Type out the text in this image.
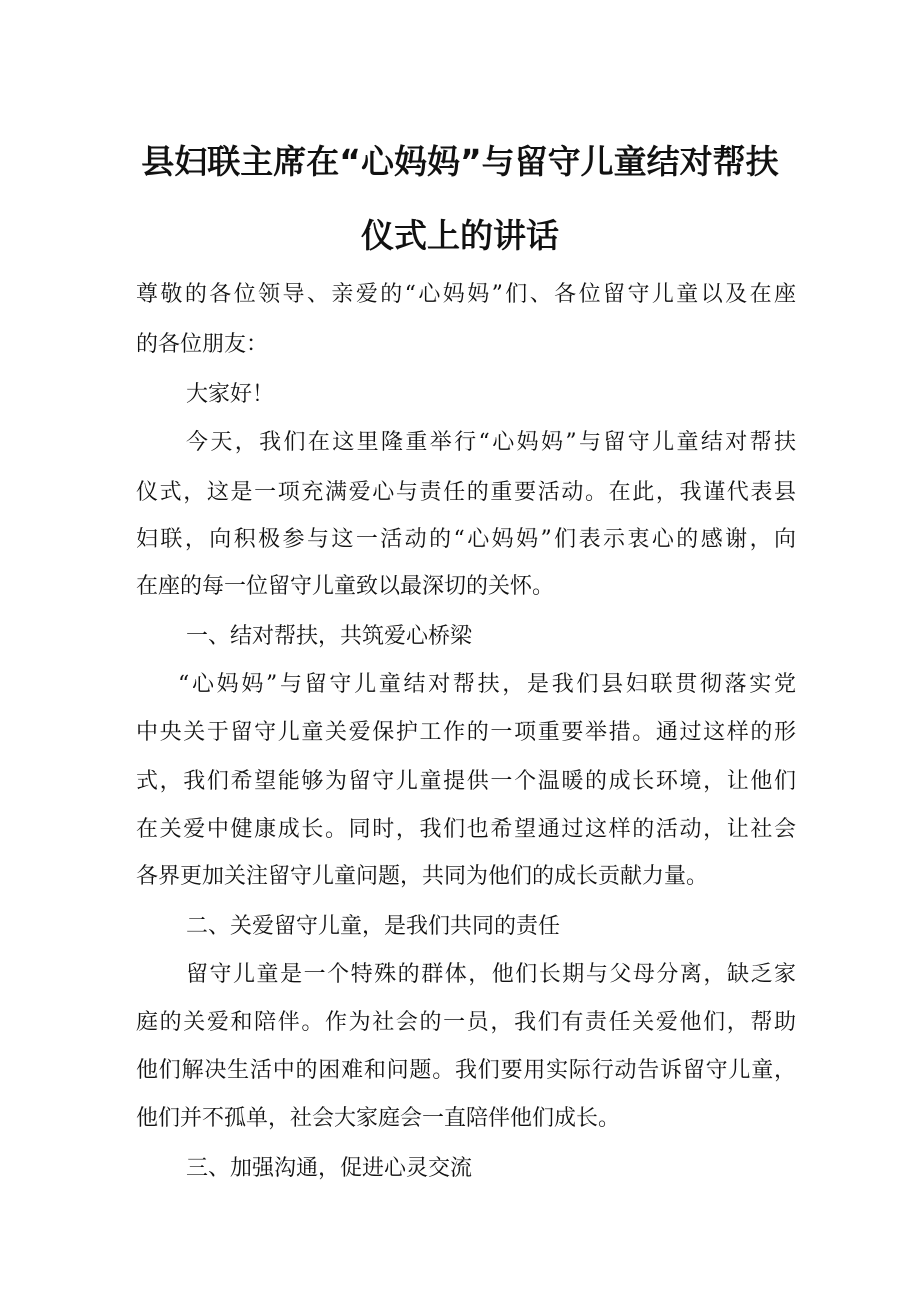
县妇联主席在“心妈妈”与留守儿童结对帮扶
仪式上的讲话
尊敬的各位领导、亲爱的“心妈妈”们、各位留守儿童以及在座
的各位朋友：
大家好！
今天，我们在这里隆重举行“心妈妈”与留守儿童结对帮扶
仪式，这是一项充满爱心与责任的重要活动。在此，我谨代表县
妇联，向积极参与这一活动的“心妈妈”们表示衷心的感谢，向
在座的每一位留守儿童致以最深切的关怀。
一、结对帮扶，共筑爱心桥梁
“心妈妈”与留守儿童结对帮扶，是我们县妇联贯彻落实党
中央关于留守儿童关爱保护工作的一项重要举措。通过这样的形
式，我们希望能够为留守儿童提供一个温暖的成长环境，让他们
在关爱中健康成长。同时，我们也希望通过这样的活动，让社会
各界更加关注留守儿童问题，共同为他们的成长贡献力量。
二、关爱留守儿童，是我们共同的责任
留守儿童是一个特殊的群体，他们长期与父母分离，缺乏家
庭的关爱和陪伴。作为社会的一员，我们有责任关爱他们，帮助
他们解决生活中的困难和问题。我们要用实际行动告诉留守儿童，
他们并不孤单，社会大家庭会一直陪伴他们成长。
三、加强沟通，促进心灵交流
